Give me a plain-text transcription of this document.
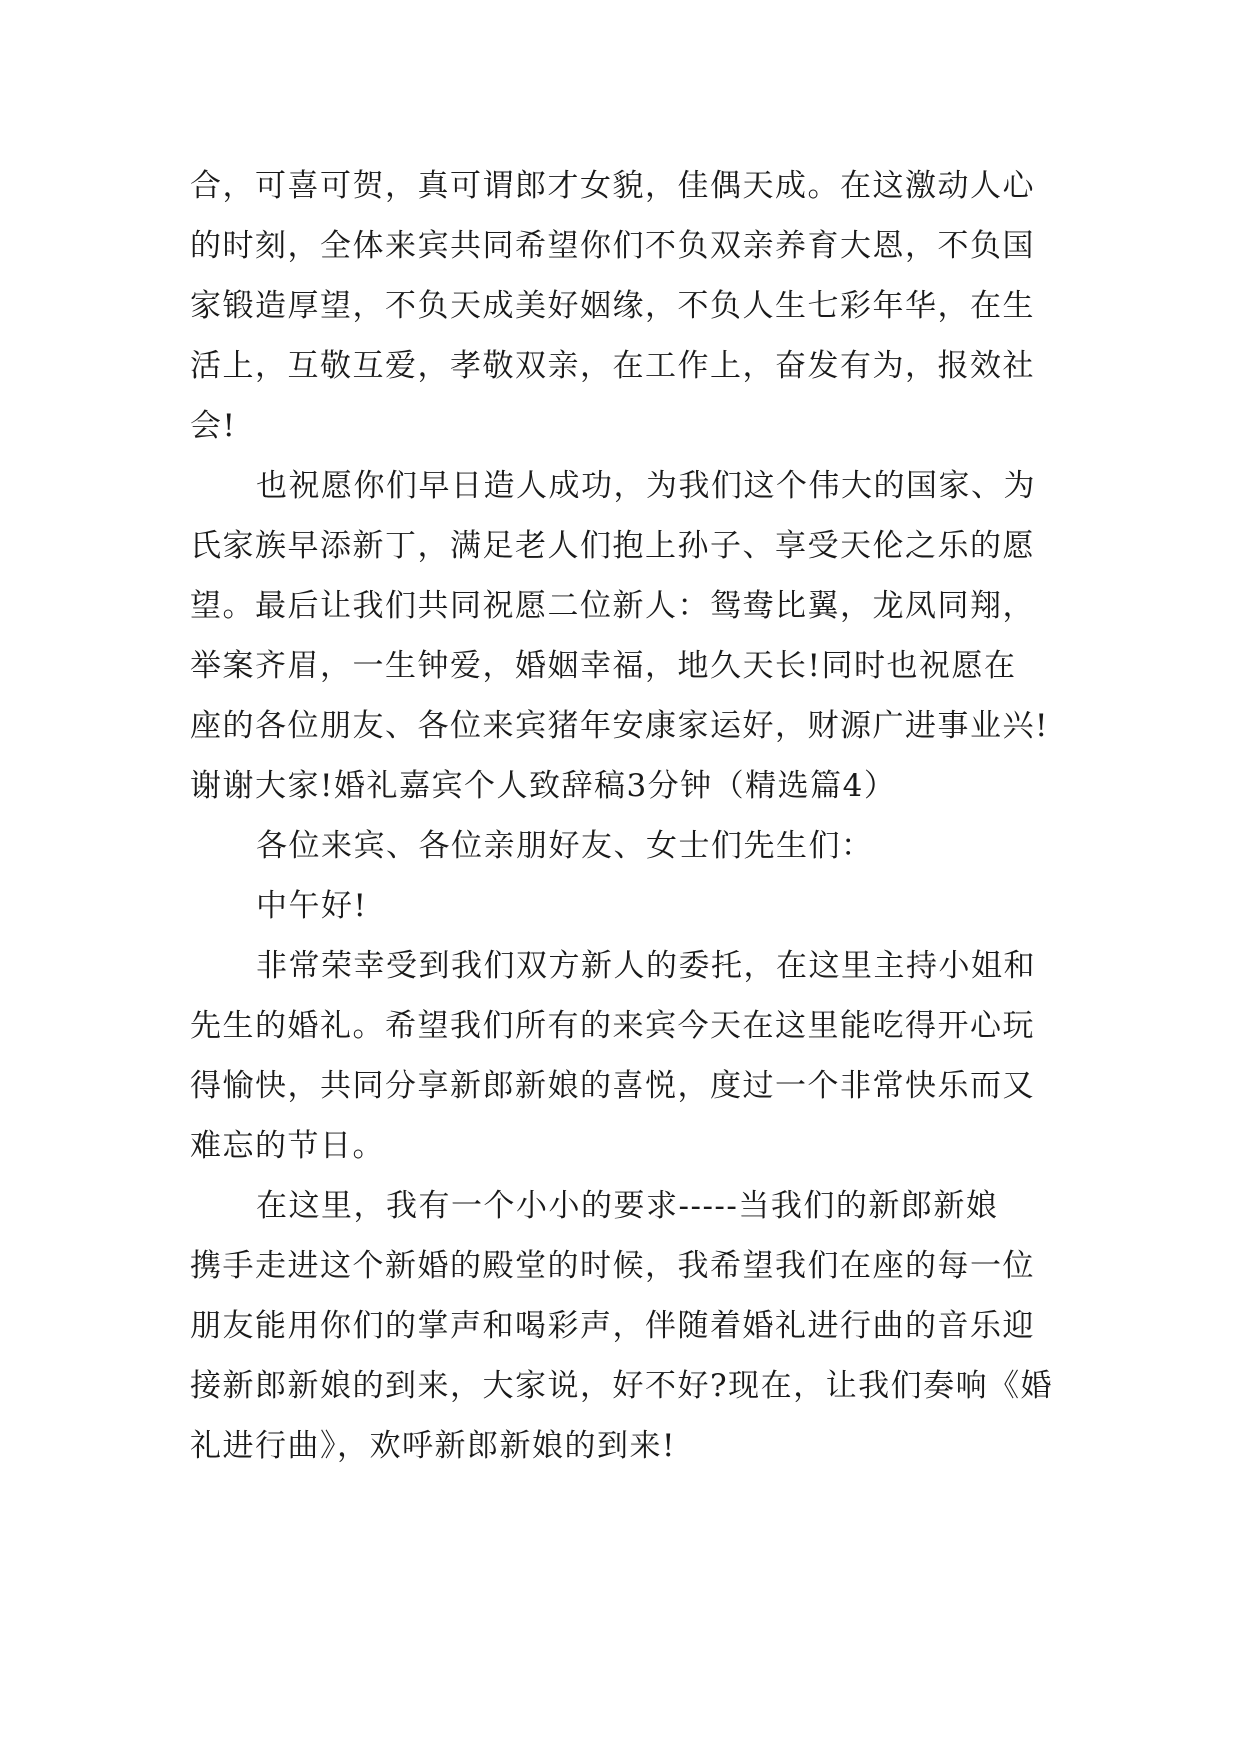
合，可喜可贺，真可谓郎才女貌，佳偶天成。在这激动人心
的时刻，全体来宾共同希望你们不负双亲养育大恩，不负国
家锻造厚望，不负天成美好姻缘，不负人生七彩年华，在生
活上，互敬互爱，孝敬双亲，在工作上，奋发有为，报效社
会!
也祝愿你们早日造人成功，为我们这个伟大的国家、为
氏家族早添新丁，满足老人们抱上孙子、享受天伦之乐的愿
望。最后让我们共同祝愿二位新人：鸳鸯比翼，龙凤同翔，
举案齐眉，一生钟爱，婚姻幸福，地久天长!同时也祝愿在
座的各位朋友、各位来宾猪年安康家运好，财源广进事业兴!
谢谢大家!婚礼嘉宾个人致辞稿3分钟（精选篇4）
各位来宾、各位亲朋好友、女士们先生们：
中午好!
非常荣幸受到我们双方新人的委托，在这里主持小姐和
先生的婚礼。希望我们所有的来宾今天在这里能吃得开心玩
得愉快，共同分享新郎新娘的喜悦，度过一个非常快乐而又
难忘的节日。
在这里，我有一个小小的要求-----当我们的新郎新娘
携手走进这个新婚的殿堂的时候，我希望我们在座的每一位
朋友能用你们的掌声和喝彩声，伴随着婚礼进行曲的音乐迎
接新郎新娘的到来，大家说，好不好?现在，让我们奏响《婚
礼进行曲》，欢呼新郎新娘的到来!
